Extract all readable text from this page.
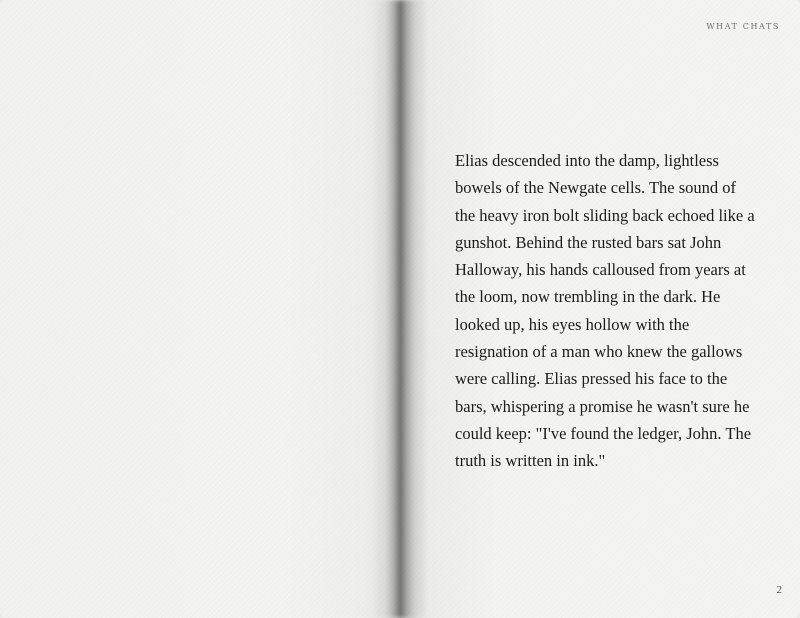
WHAT CHATS

Elias descended into the damp, lightless bowels of the Newgate cells. The sound of the heavy iron bolt sliding back echoed like a gunshot. Behind the rusted bars sat John Halloway, his hands calloused from years at the loom, now trembling in the dark. He looked up, his eyes hollow with the resignation of a man who knew the gallows were calling. Elias pressed his face to the bars, whispering a promise he wasn't sure he could keep: "I've found the ledger, John. The truth is written in ink."

2
